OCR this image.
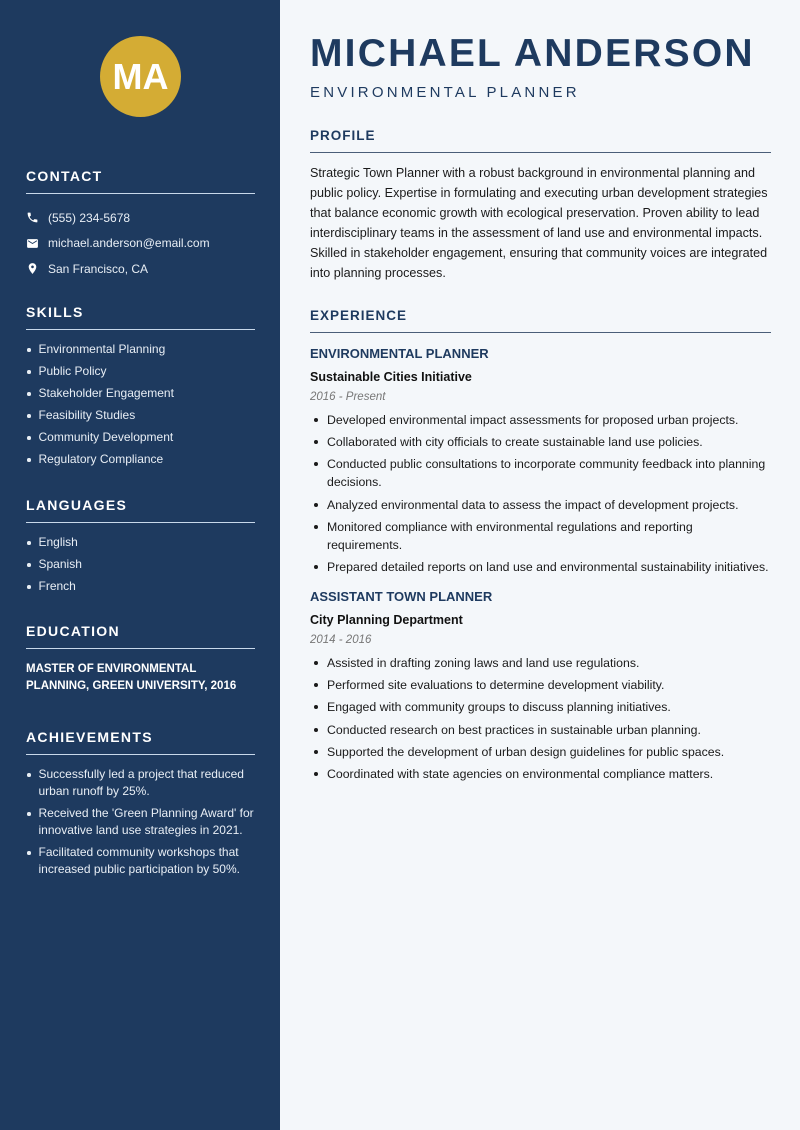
MA
CONTACT
(555) 234-5678
michael.anderson@email.com
San Francisco, CA
SKILLS
Environmental Planning
Public Policy
Stakeholder Engagement
Feasibility Studies
Community Development
Regulatory Compliance
LANGUAGES
English
Spanish
French
EDUCATION

MASTER OF ENVIRONMENTAL PLANNING, GREEN UNIVERSITY, 2016

ACHIEVEMENTS
Successfully led a project that reduced urban runoff by 25%.
Received the 'Green Planning Award' for innovative land use strategies in 2021.
Facilitated community workshops that increased public participation by 50%.
MICHAEL ANDERSON
ENVIRONMENTAL PLANNER
PROFILE

Strategic Town Planner with a robust background in environmental planning and public policy. Expertise in formulating and executing urban development strategies that balance economic growth with ecological preservation. Proven ability to lead interdisciplinary teams in the assessment of land use and environmental impacts. Skilled in stakeholder engagement, ensuring that community voices are integrated into planning processes.

EXPERIENCE
ENVIRONMENTAL PLANNER
Sustainable Cities Initiative
2016 - Present
Developed environmental impact assessments for proposed urban projects.
Collaborated with city officials to create sustainable land use policies.
Conducted public consultations to incorporate community feedback into planning decisions.
Analyzed environmental data to assess the impact of development projects.
Monitored compliance with environmental regulations and reporting requirements.
Prepared detailed reports on land use and environmental sustainability initiatives.
ASSISTANT TOWN PLANNER
City Planning Department
2014 - 2016
Assisted in drafting zoning laws and land use regulations.
Performed site evaluations to determine development viability.
Engaged with community groups to discuss planning initiatives.
Conducted research on best practices in sustainable urban planning.
Supported the development of urban design guidelines for public spaces.
Coordinated with state agencies on environmental compliance matters.
